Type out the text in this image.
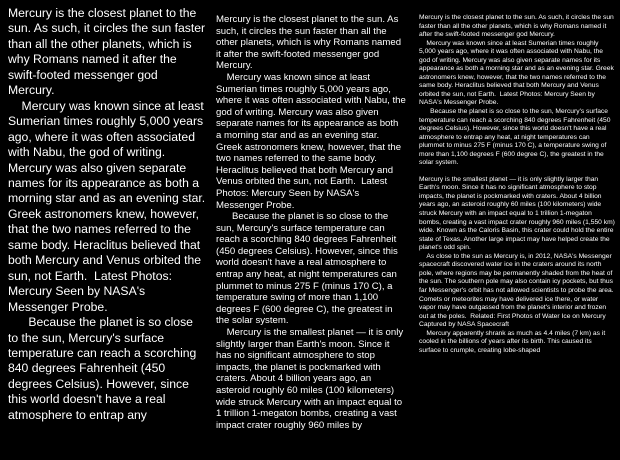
Mercury is the closest planet to the sun. As such, it circles the sun faster than all the other planets, which is why Romans named it after the swift-footed messenger god Mercury.

Mercury was known since at least Sumerian times roughly 5,000 years ago, where it was often associated with Nabu, the god of writing. Mercury was also given separate names for its appearance as both a morning star and as an evening star. Greek astronomers knew, however, that the two names referred to the same body. Heraclitus believed that both Mercury and Venus orbited the sun, not Earth.  Latest Photos: Mercury Seen by NASA's Messenger Probe.

Because the planet is so close to the sun, Mercury's surface temperature can reach a scorching 840 degrees Fahrenheit (450 degrees Celsius). However, since this world doesn't have a real atmosphere to entrap any

Mercury is the closest planet to the sun. As such, it circles the sun faster than all the other planets, which is why Romans named it after the swift-footed messenger god Mercury.

Mercury was known since at least Sumerian times roughly 5,000 years ago, where it was often associated with Nabu, the god of writing. Mercury was also given separate names for its appearance as both a morning star and as an evening star. Greek astronomers knew, however, that the two names referred to the same body. Heraclitus believed that both Mercury and Venus orbited the sun, not Earth.  Latest Photos: Mercury Seen by NASA's Messenger Probe.

Because the planet is so close to the sun, Mercury's surface temperature can reach a scorching 840 degrees Fahrenheit (450 degrees Celsius). However, since this world doesn't have a real atmosphere to entrap any heat, at night temperatures can plummet to minus 275 F (minus 170 C), a temperature swing of more than 1,100 degrees F (600 degree C), the greatest in the solar system.

Mercury is the smallest planet — it is only slightly larger than Earth's moon. Since it has no significant atmosphere to stop impacts, the planet is pockmarked with craters. About 4 billion years ago, an asteroid roughly 60 miles (100 kilometers) wide struck Mercury with an impact equal to 1 trillion 1-megaton bombs, creating a vast impact crater roughly 960 miles by

Mercury is the closest planet to the sun. As such, it circles the sun faster than all the other planets, which is why Romans named it after the swift-footed messenger god Mercury.

Mercury was known since at least Sumerian times roughly 5,000 years ago, where it was often associated with Nabu, the god of writing. Mercury was also given separate names for its appearance as both a morning star and as an evening star. Greek astronomers knew, however, that the two names referred to the same body. Heraclitus believed that both Mercury and Venus orbited the sun, not Earth.  Latest Photos: Mercury Seen by NASA's Messenger Probe.

Because the planet is so close to the sun, Mercury's surface temperature can reach a scorching 840 degrees Fahrenheit (450 degrees Celsius). However, since this world doesn't have a real atmosphere to entrap any heat, at night temperatures can plummet to minus 275 F (minus 170 C), a temperature swing of more than 1,100 degrees F (600 degree C), the greatest in the solar system.

Mercury is the smallest planet — it is only slightly larger than Earth's moon. Since it has no significant atmosphere to stop impacts, the planet is pockmarked with craters. About 4 billion years ago, an asteroid roughly 60 miles (100 kilometers) wide struck Mercury with an impact equal to 1 trillion 1-megaton bombs, creating a vast impact crater roughly 960 miles (1,550 km) wide. Known as the Caloris Basin, this crater could hold the entire state of Texas. Another large impact may have helped create the planet's odd spin.

As close to the sun as Mercury is, in 2012, NASA's Messenger spacecraft discovered water ice in the craters around its north pole, where regions may be permanently shaded from the heat of the sun. The southern pole may also contain icy pockets, but thus far Messenger's orbit has not allowed scientists to probe the area. Comets or meteorites may have delivered ice there, or water vapor may have outgassed from the planet's interior and frozen out at the poles.  Related: First Photos of Water Ice on Mercury Captured by NASA Spacecraft

Mercury apparently shrank as much as 4.4 miles (7 km) as it cooled in the billions of years after its birth. This caused its surface to crumple, creating lobe-shaped
